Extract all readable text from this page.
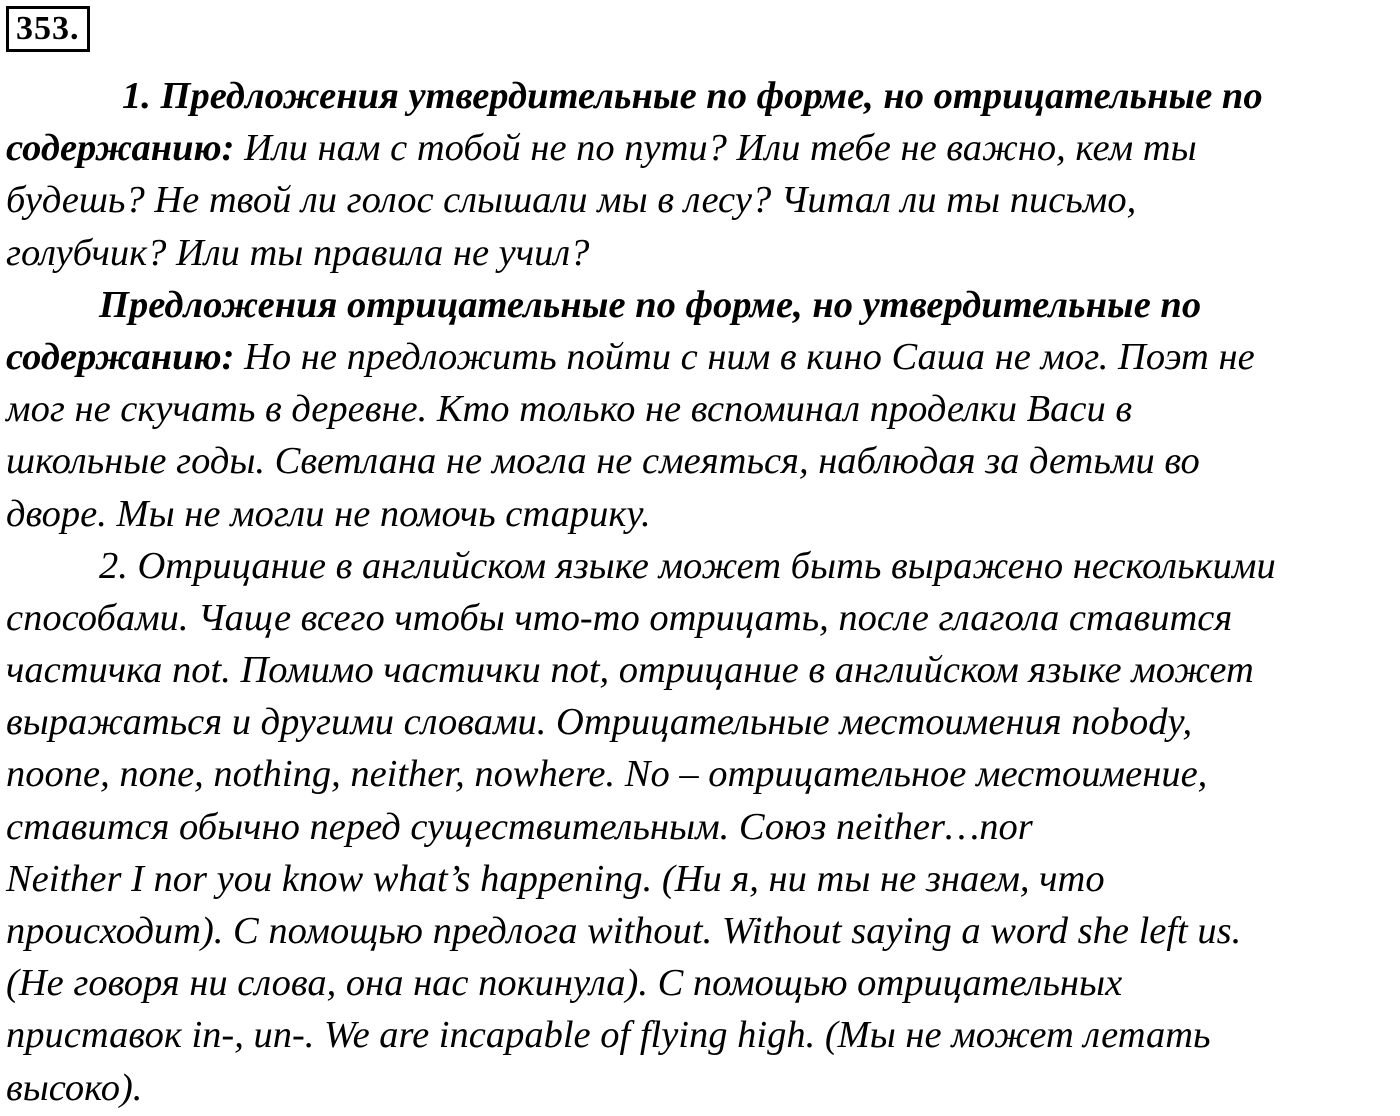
353.
1. Предложения утвердительные по форме, но отрицательные по
содержанию: Или нам с тобой не по пути? Или тебе не важно, кем ты
будешь? Не твой ли голос слышали мы в лесу? Читал ли ты письмо,
голубчик? Или ты правила не учил?
Предложения отрицательные по форме, но утвердительные по
содержанию: Но не предложить пойти с ним в кино Саша не мог. Поэт не
мог не скучать в деревне. Кто только не вспоминал проделки Васи в
школьные годы. Светлана не могла не смеяться, наблюдая за детьми во
дворе. Мы не могли не помочь старику.
2. Отрицание в английском языке может быть выражено несколькими
способами. Чаще всего чтобы что-то отрицать, после глагола ставится
частичка not. Помимо частички not, отрицание в английском языке может
выражаться и другими словами. Отрицательные местоимения nobody,
noone, none, nothing, neither, nowhere. No – отрицательное местоимение,
ставится обычно перед существительным. Союз neither…nor
Neither I nor you know what’s happening. (Ни я, ни ты не знаем, что
происходит). С помощью предлога without. Without saying a word she left us.
(Не говоря ни слова, она нас покинула). С помощью отрицательных
приставок in-, un-. We are incapable of flying high. (Мы не может летать
высоко).
